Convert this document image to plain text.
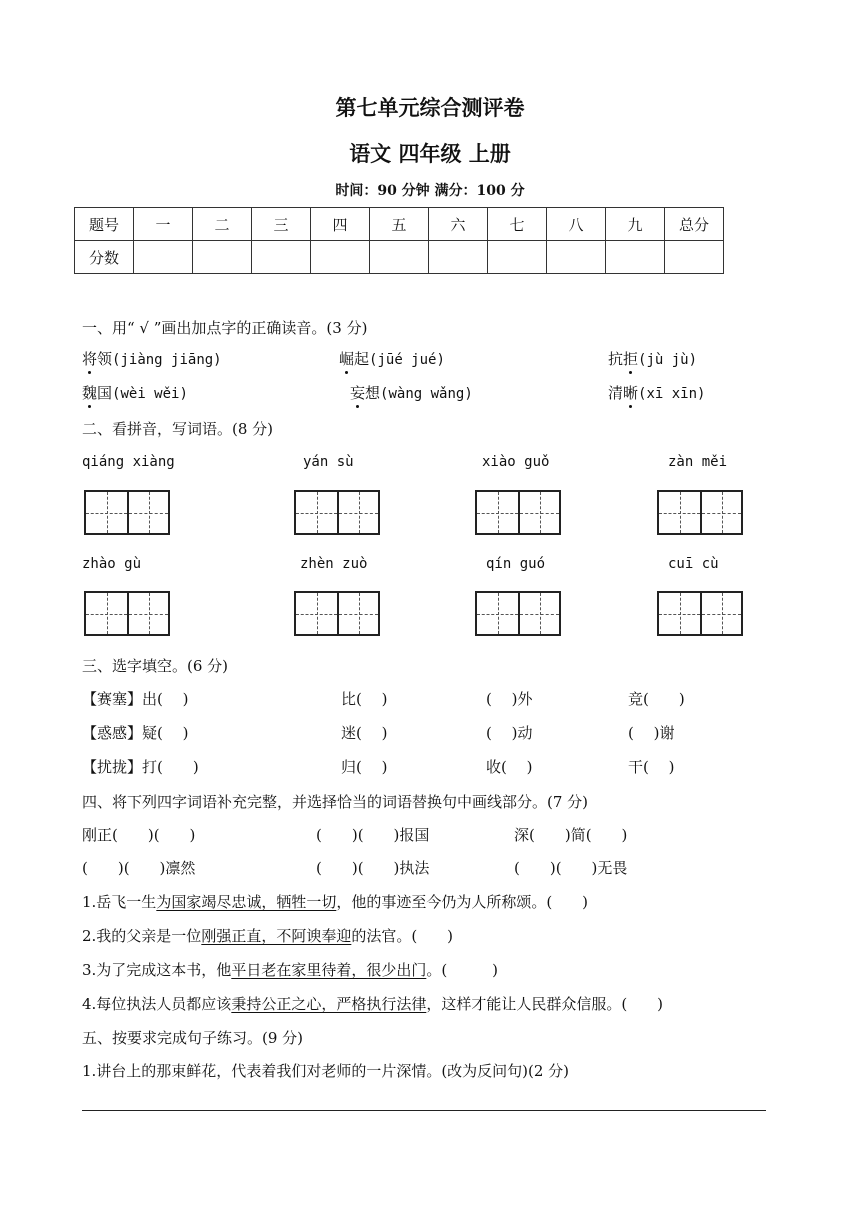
第七单元综合测评卷
语文 四年级 上册
时间：90 分钟 满分：100 分
题号	一	二	三	四	五	六	七	八	九	总分
分数										
一、用“ √ ”画出加点字的正确读音。(3 分)
将领(jiàng jiāng)	崛起(jūé jué)	抗拒(jù jù)
魏国(wèi wěi)	妄想(wàng wǎng)	清晰(xī xīn)
二、看拼音，写词语。(8 分)
qiáng xiàng	yán sù	xiào guǒ	zàn měi
zhào gù	zhèn zuò	qín guó	cuī cù
三、选字填空。(6 分)
【赛塞】出(　 )	比(　 )	(　 )外	竞(　　)
【惑感】疑(　 )	迷(　 )	(　 )动	(　 )谢
【扰拢】打(　　)	归(　 )	收(　 )	干(　 )
四、将下列四字词语补充完整，并选择恰当的词语替换句中画线部分。(7 分)
刚正(　　)(　　)	(　　)(　　)报国	深(　　)简(　　)
(　　)(　　)凛然	(　　)(　　)执法	(　　)(　　)无畏
1.岳飞一生为国家竭尽忠诚，牺牲一切，他的事迹至今仍为人所称颂。(　　)
2.我的父亲是一位刚强正直，不阿谀奉迎的法官。(　　)
3.为了完成这本书，他平日老在家里待着，很少出门。(　　　)
4.每位执法人员都应该秉持公正之心，严格执行法律，这样才能让人民群众信服。(　　)
五、按要求完成句子练习。(9 分)
1.讲台上的那束鲜花，代表着我们对老师的一片深情。(改为反问句)(2 分)
